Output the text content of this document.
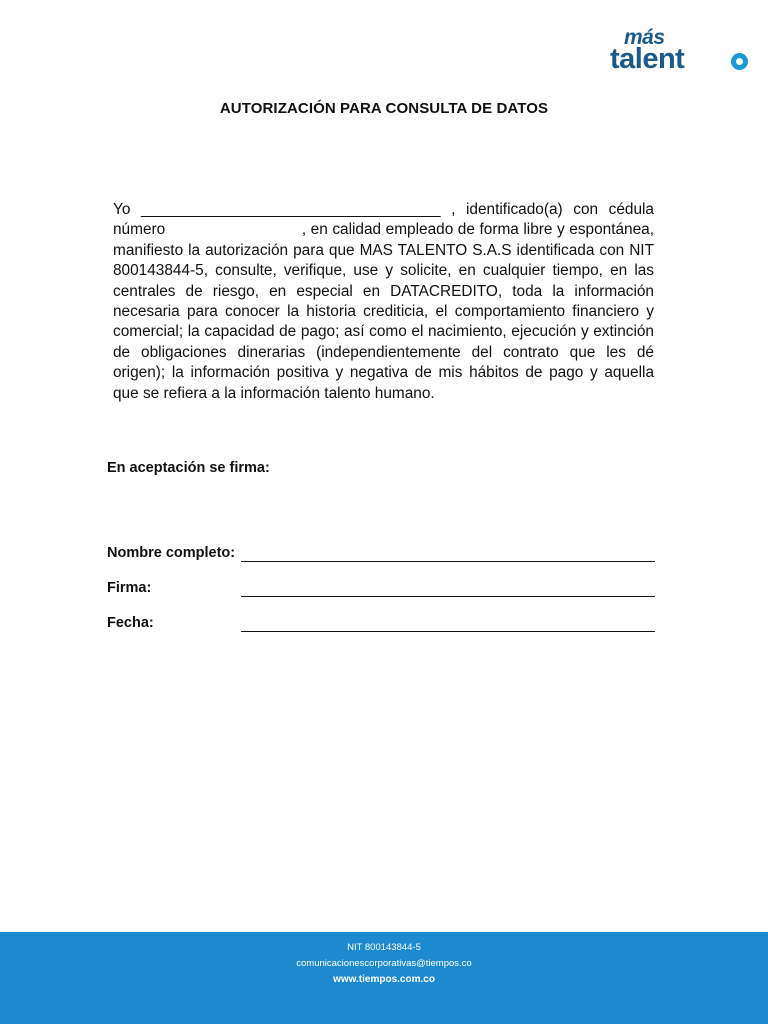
más
talent
AUTORIZACIÓN PARA CONSULTA DE DATOS

Yo ___________________________________ , identificado(a) con cédula número                              , en calidad empleado de forma libre y espontánea, manifiesto la autorización para que MAS TALENTO S.A.S identificada con NIT 800143844-5, consulte, verifique, use y solicite, en cualquier tiempo, en las centrales de riesgo, en especial en DATACREDITO, toda la información necesaria para conocer la historia crediticia, el comportamiento financiero y comercial; la capacidad de pago; así como el nacimiento, ejecución y extinción de obligaciones dinerarias (independientemente del contrato que les dé origen); la información positiva y negativa de mis hábitos de pago y aquella que se refiera a la información talento humano.

En aceptación se firma:
Nombre completo:
Firma:
Fecha:
NIT 800143844-5
comunicacionescorporativas@tiempos.co
www.tiempos.com.co
